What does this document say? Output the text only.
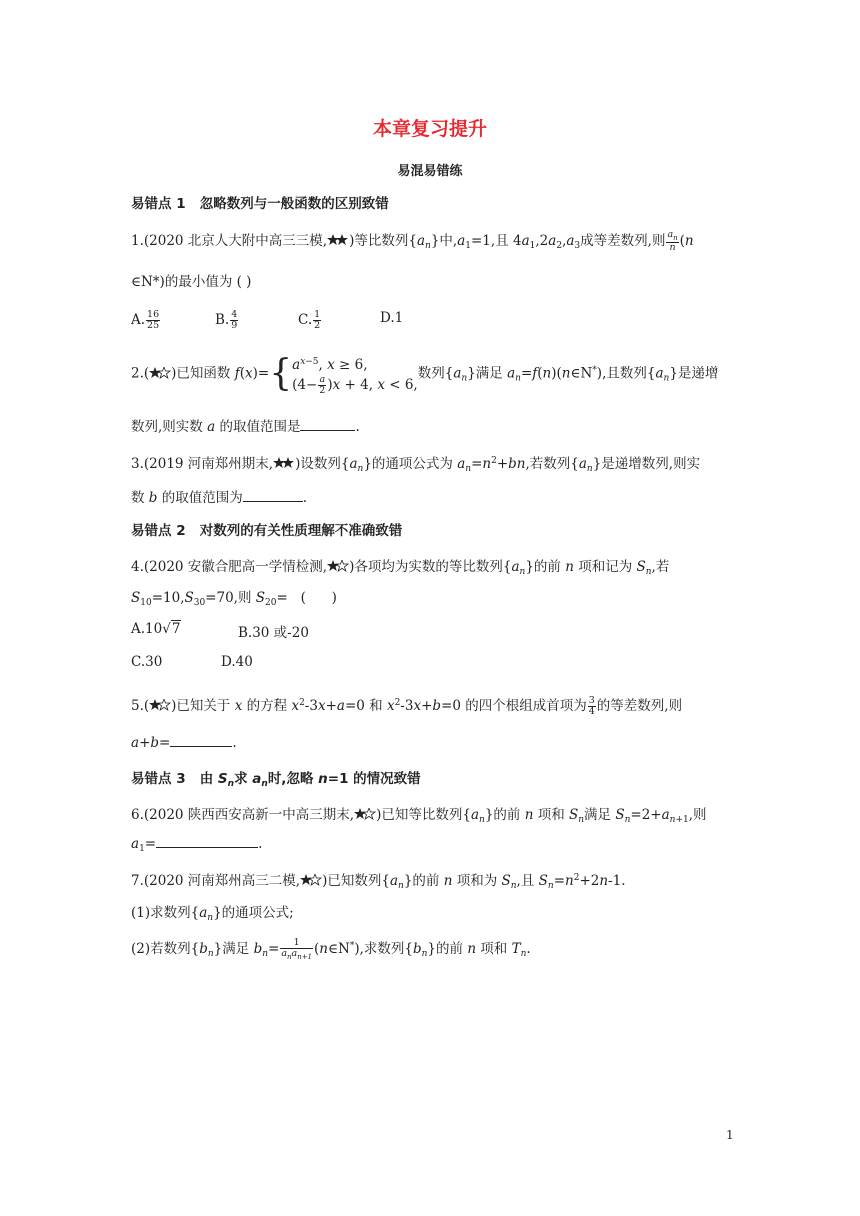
本章复习提升
易混易错练
易错点 1   忽略数列与一般函数的区别致错
1.(2020 北京人大附中高三三模, )等比数列$\{a_n\}$中$,a_1=1$,且 $4a_1,2a_2,a_3$成等差数列,则 $\frac{a_n}{n} (n$
∈N*)的最小值为 ( )
A. $\frac{16}{25}$	B. $\frac{4}{9}$	C. $\frac{1}{2}$	D.1
2.( )已知函数 f(x)={ $a^{x-5}$, x ≥ 6,
$(4- \frac{a}{2} )x + 4$, x < 6,
数列$\{a_n\}$满足 $a_n=f(n)(n\in N^*)$,且数列$\{a_n\}$是递增
数列,则实数 a 的取值范围是	.
3.(2019 河南郑州期末, )设数列$\{a_n\}$的通项公式为 $a_n=n^2+bn$,若数列$\{a_n\}$是递增数列,则实
数 b 的取值范围为	.
易错点 2   对数列的有关性质理解不准确致错
4.(2020 安徽合肥高一学情检测, )各项均为实数的等比数列$\{a_n\}$的前 n 项和记为 $S_n$,若
$S_{10}=10,S_{30}=70$,则 $S_{20}=$   (      )
A.10√7	B.30 或-20
C.30	D.40
5.( )已知关于 x 的方程 $x^2-3x+a=0$ 和 $x^2-3x+b=0$ 的四个根组成首项为 $\frac{3}{4}$ 的等差数列,则
a+b=	.
易错点 3   由 $S_n$求 $a_n$时,忽略 n=1 的情况致错
6.(2020 陕西西安高新一中高三期末, )已知等比数列$\{a_n\}$的前 n 项和 $S_n$满足 $S_n=2+a_{n+1}$,则
$a_1=$	.
7.(2020 河南郑州高三二模, )已知数列$\{a_n\}$的前 n 项和为 $S_n$,且 $S_n=n^2+2n-1$.
(1)求数列$\{a_n\}$的通项公式;
(2)若数列$\{b_n\}$满足 $b_n= \frac{1}{a_na_{n+1}}$ (n∈N*),求数列$\{b_n\}$的前 n 项和 $T_n$.
1
